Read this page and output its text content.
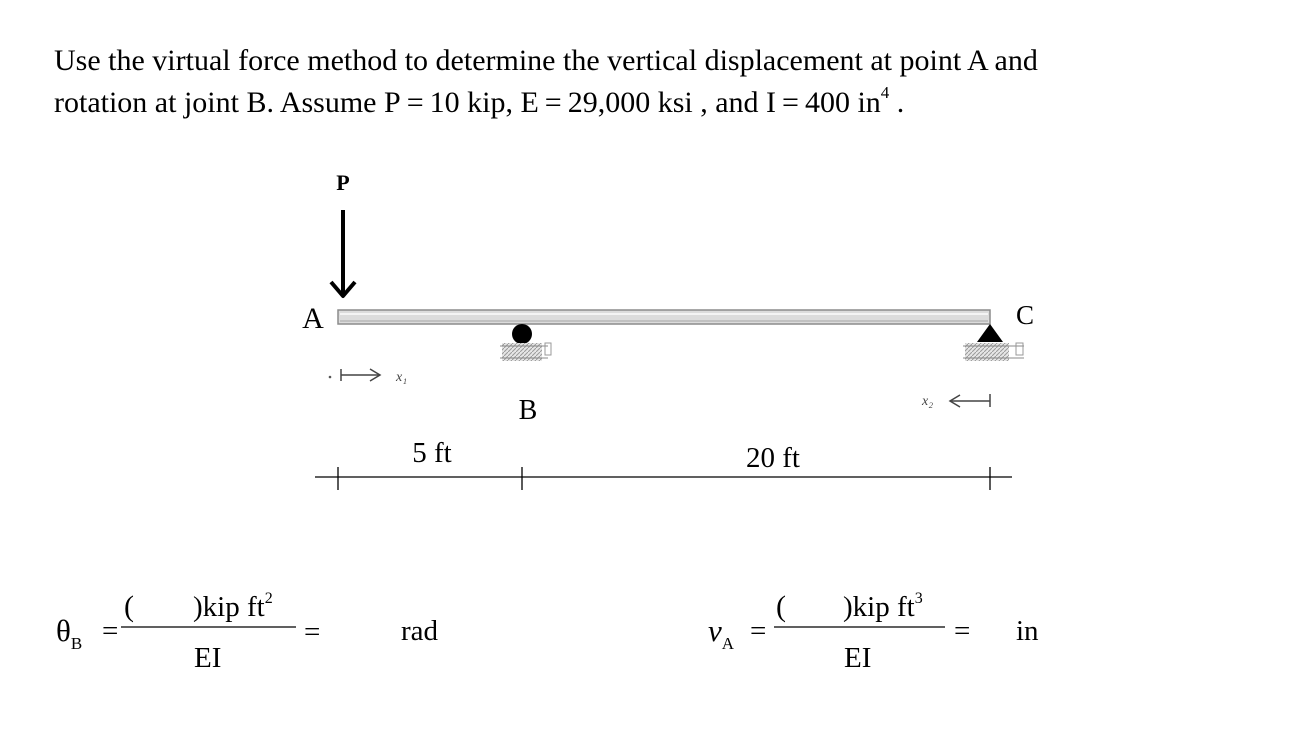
Use the virtual force method to determine the vertical displacement at point A and
rotation at joint B. Assume P = 10 kip, E = 29,000 ksi , and I = 400 $in^4$ .
P
A	C
B
x₁
x₂
5 ft	20 ft
$\theta_B$ =
( )kip $ft^2$
EI
=	rad	$v_A$ =
( )kip $ft^3$
EI
= in
